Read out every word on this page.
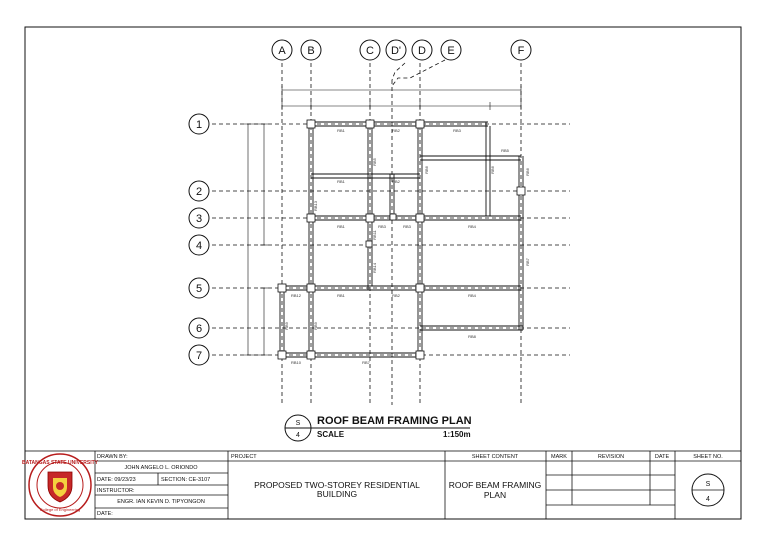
A B	C D' D E	F
1
2
3
4
5
6
7
RB1	RB2	RB3
RB5
RB1	RB2
RB1	RB3	RB3	RB4
RB12	RB1	RB2	RB4
RB8
RB10	RB7
RB5
RB6	RB6	RB6
RB13
RB11
RB14
RB7
RB9	RB9
S
4
ROOF BEAM FRAMING PLAN
SCALE	1:150m
BATANGAS STATE UNIVERSITY
College of Engineering
DRAWN BY:
JOHN ANGELO L. ORIONDO
DATE: 09/23/23	SECTION: CE-3107
INSTRUCTOR:
ENGR. IAN KEVIN D. TIPYONGON
DATE:
PROJECT
PROPOSED TWO-STOREY RESIDENTIAL
BUILDING
SHEET CONTENT
ROOF BEAM FRAMING
PLAN
MARK	REVISION	DATE	SHEET NO.
S
4
